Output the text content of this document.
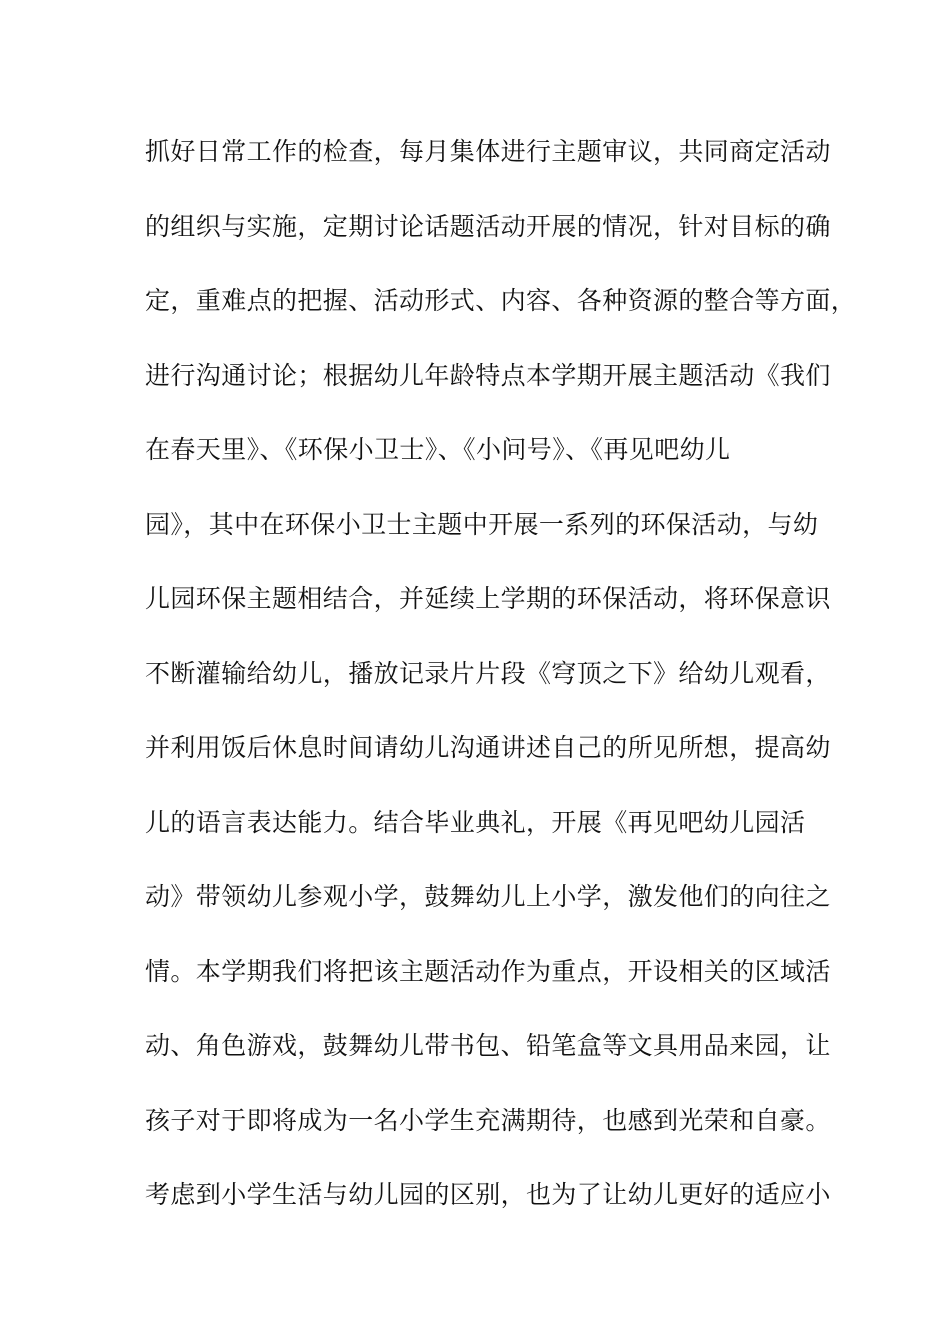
抓好日常工作的检查，每月集体进行主题审议，共同商定活动
的组织与实施，定期讨论话题活动开展的情况，针对目标的确
定，重难点的把握、活动形式、内容、各种资源的整合等方面，
进行沟通讨论；根据幼儿年龄特点本学期开展主题活动《我们
在春天里》、《环保小卫士》、《小问号》、《再见吧幼儿
园》，其中在环保小卫士主题中开展一系列的环保活动，与幼
儿园环保主题相结合，并延续上学期的环保活动，将环保意识
不断灌输给幼儿，播放记录片片段《穹顶之下》给幼儿观看，
并利用饭后休息时间请幼儿沟通讲述自己的所见所想，提高幼
儿的语言表达能力。结合毕业典礼，开展《再见吧幼儿园活
动》带领幼儿参观小学，鼓舞幼儿上小学，激发他们的向往之
情。本学期我们将把该主题活动作为重点，开设相关的区域活
动、角色游戏，鼓舞幼儿带书包、铅笔盒等文具用品来园，让
孩子对于即将成为一名小学生充满期待，也感到光荣和自豪。
考虑到小学生活与幼儿园的区别，也为了让幼儿更好的适应小
